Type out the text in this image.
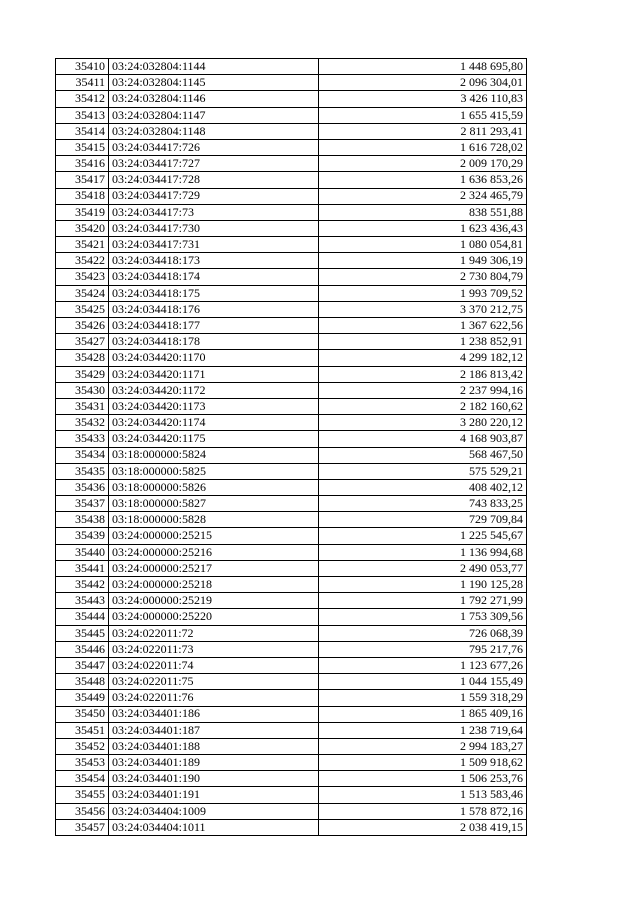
35410	03:24:032804:1144	1 448 695,80
35411	03:24:032804:1145	2 096 304,01
35412	03:24:032804:1146	3 426 110,83
35413	03:24:032804:1147	1 655 415,59
35414	03:24:032804:1148	2 811 293,41
35415	03:24:034417:726	1 616 728,02
35416	03:24:034417:727	2 009 170,29
35417	03:24:034417:728	1 636 853,26
35418	03:24:034417:729	2 324 465,79
35419	03:24:034417:73	838 551,88
35420	03:24:034417:730	1 623 436,43
35421	03:24:034417:731	1 080 054,81
35422	03:24:034418:173	1 949 306,19
35423	03:24:034418:174	2 730 804,79
35424	03:24:034418:175	1 993 709,52
35425	03:24:034418:176	3 370 212,75
35426	03:24:034418:177	1 367 622,56
35427	03:24:034418:178	1 238 852,91
35428	03:24:034420:1170	4 299 182,12
35429	03:24:034420:1171	2 186 813,42
35430	03:24:034420:1172	2 237 994,16
35431	03:24:034420:1173	2 182 160,62
35432	03:24:034420:1174	3 280 220,12
35433	03:24:034420:1175	4 168 903,87
35434	03:18:000000:5824	568 467,50
35435	03:18:000000:5825	575 529,21
35436	03:18:000000:5826	408 402,12
35437	03:18:000000:5827	743 833,25
35438	03:18:000000:5828	729 709,84
35439	03:24:000000:25215	1 225 545,67
35440	03:24:000000:25216	1 136 994,68
35441	03:24:000000:25217	2 490 053,77
35442	03:24:000000:25218	1 190 125,28
35443	03:24:000000:25219	1 792 271,99
35444	03:24:000000:25220	1 753 309,56
35445	03:24:022011:72	726 068,39
35446	03:24:022011:73	795 217,76
35447	03:24:022011:74	1 123 677,26
35448	03:24:022011:75	1 044 155,49
35449	03:24:022011:76	1 559 318,29
35450	03:24:034401:186	1 865 409,16
35451	03:24:034401:187	1 238 719,64
35452	03:24:034401:188	2 994 183,27
35453	03:24:034401:189	1 509 918,62
35454	03:24:034401:190	1 506 253,76
35455	03:24:034401:191	1 513 583,46
35456	03:24:034404:1009	1 578 872,16
35457	03:24:034404:1011	2 038 419,15
